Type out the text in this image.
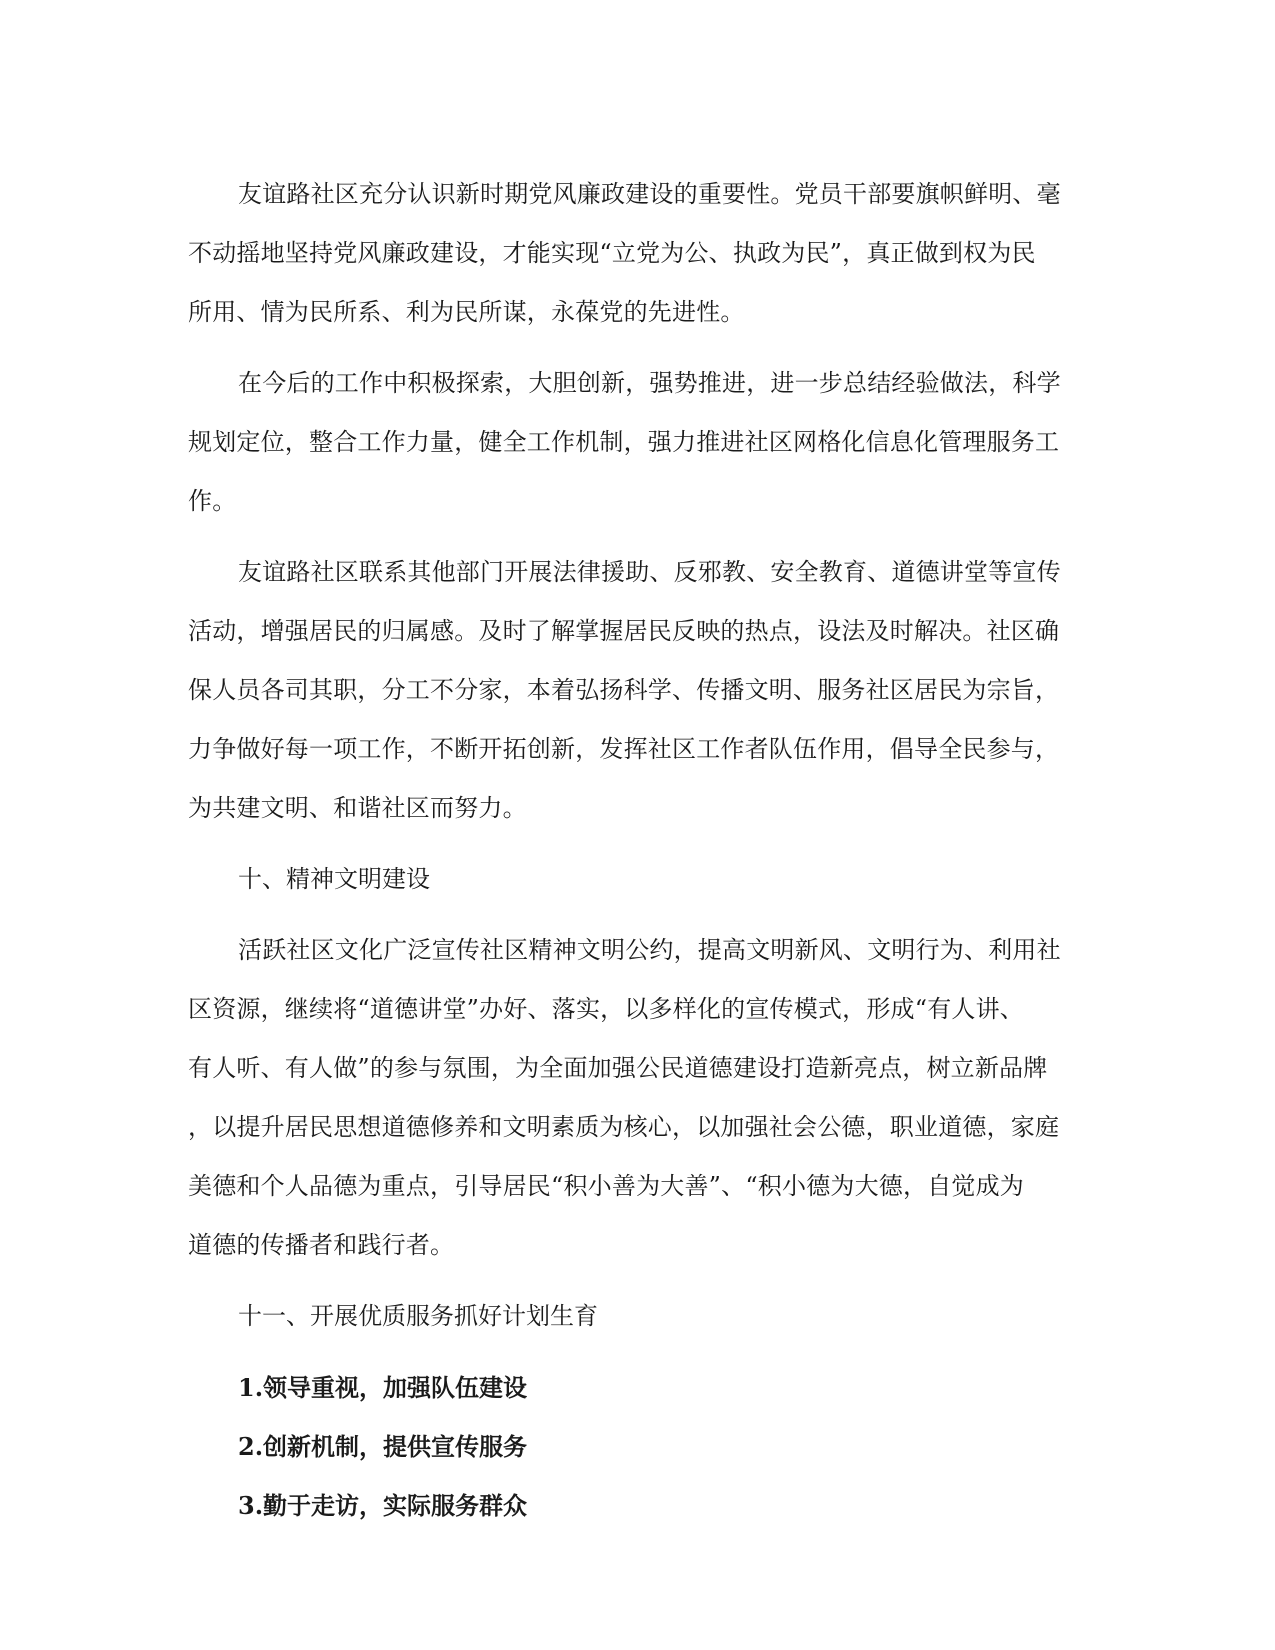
友谊路社区充分认识新时期党风廉政建设的重要性。党员干部要旗帜鲜明、毫
不动摇地坚持党风廉政建设，才能实现“立党为公、执政为民”，真正做到权为民
所用、情为民所系、利为民所谋，永葆党的先进性。

在今后的工作中积极探索，大胆创新，强势推进，进一步总结经验做法，科学
规划定位，整合工作力量，健全工作机制，强力推进社区网格化信息化管理服务工
作。

友谊路社区联系其他部门开展法律援助、反邪教、安全教育、道德讲堂等宣传
活动，增强居民的归属感。及时了解掌握居民反映的热点，设法及时解决。社区确
保人员各司其职，分工不分家，本着弘扬科学、传播文明、服务社区居民为宗旨，
力争做好每一项工作，不断开拓创新，发挥社区工作者队伍作用，倡导全民参与，
为共建文明、和谐社区而努力。

十、精神文明建设

活跃社区文化广泛宣传社区精神文明公约，提高文明新风、文明行为、利用社
区资源，继续将“道德讲堂”办好、落实，以多样化的宣传模式，形成“有人讲、
有人听、有人做”的参与氛围，为全面加强公民道德建设打造新亮点，树立新品牌
，以提升居民思想道德修养和文明素质为核心，以加强社会公德，职业道德，家庭
美德和个人品德为重点，引导居民“积小善为大善”、“积小德为大德，自觉成为
道德的传播者和践行者。

十一、开展优质服务抓好计划生育

1.领导重视，加强队伍建设

2.创新机制，提供宣传服务

3.勤于走访，实际服务群众
